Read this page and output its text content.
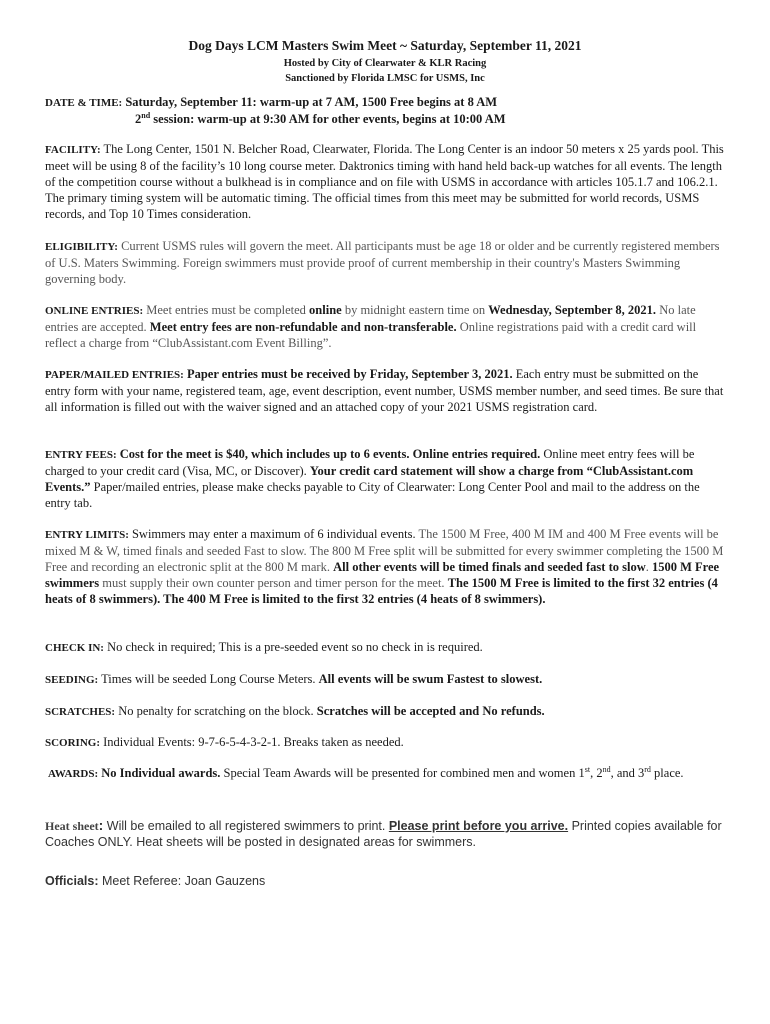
Dog Days LCM Masters Swim Meet ~ Saturday, September 11, 2021
Hosted by City of Clearwater & KLR Racing
Sanctioned by Florida LMSC for USMS, Inc
DATE & TIME: Saturday, September 11: warm-up at 7 AM, 1500 Free begins at 8 AM
2nd session: warm-up at 9:30 AM for other events, begins at 10:00 AM
FACILITY: The Long Center, 1501 N. Belcher Road, Clearwater, Florida. The Long Center is an indoor 50 meters x 25 yards pool. This meet will be using 8 of the facility’s 10 long course meter. Daktronics timing with hand held back-up watches for all events. The length of the competition course without a bulkhead is in compliance and on file with USMS in accordance with articles 105.1.7 and 106.2.1. The primary timing system will be automatic timing. The official times from this meet may be submitted for world records, USMS records, and Top 10 Times consideration.
ELIGIBILITY: Current USMS rules will govern the meet. All participants must be age 18 or older and be currently registered members of U.S. Maters Swimming. Foreign swimmers must provide proof of current membership in their country's Masters Swimming governing body.
ONLINE ENTRIES: Meet entries must be completed online by midnight eastern time on Wednesday, September 8, 2021. No late entries are accepted. Meet entry fees are non-refundable and non-transferable. Online registrations paid with a credit card will reflect a charge from “ClubAssistant.com Event Billing”.
PAPER/MAILED ENTRIES: Paper entries must be received by Friday, September 3, 2021. Each entry must be submitted on the entry form with your name, registered team, age, event description, event number, USMS member number, and seed times. Be sure that all information is filled out with the waiver signed and an attached copy of your 2021 USMS registration card.
ENTRY FEES: Cost for the meet is $40, which includes up to 6 events. Online entries required. Online meet entry fees will be charged to your credit card (Visa, MC, or Discover). Your credit card statement will show a charge from “ClubAssistant.com Events.” Paper/mailed entries, please make checks payable to City of Clearwater: Long Center Pool and mail to the address on the entry tab.
ENTRY LIMITS: Swimmers may enter a maximum of 6 individual events. The 1500 M Free, 400 M IM and 400 M Free events will be mixed M & W, timed finals and seeded Fast to slow. The 800 M Free split will be submitted for every swimmer completing the 1500 M Free and recording an electronic split at the 800 M mark. All other events will be timed finals and seeded fast to slow. 1500 M Free swimmers must supply their own counter person and timer person for the meet. The 1500 M Free is limited to the first 32 entries (4 heats of 8 swimmers). The 400 M Free is limited to the first 32 entries (4 heats of 8 swimmers).
CHECK IN: No check in required; This is a pre-seeded event so no check in is required.
SEEDING: Times will be seeded Long Course Meters. All events will be swum Fastest to slowest.
SCRATCHES: No penalty for scratching on the block. Scratches will be accepted and No refunds.
SCORING: Individual Events: 9-7-6-5-4-3-2-1. Breaks taken as needed.
AWARDS: No Individual awards. Special Team Awards will be presented for combined men and women 1st, 2nd, and 3rd place.
Heat sheet: Will be emailed to all registered swimmers to print. Please print before you arrive. Printed copies available for Coaches ONLY. Heat sheets will be posted in designated areas for swimmers.
Officials: Meet Referee: Joan Gauzens
